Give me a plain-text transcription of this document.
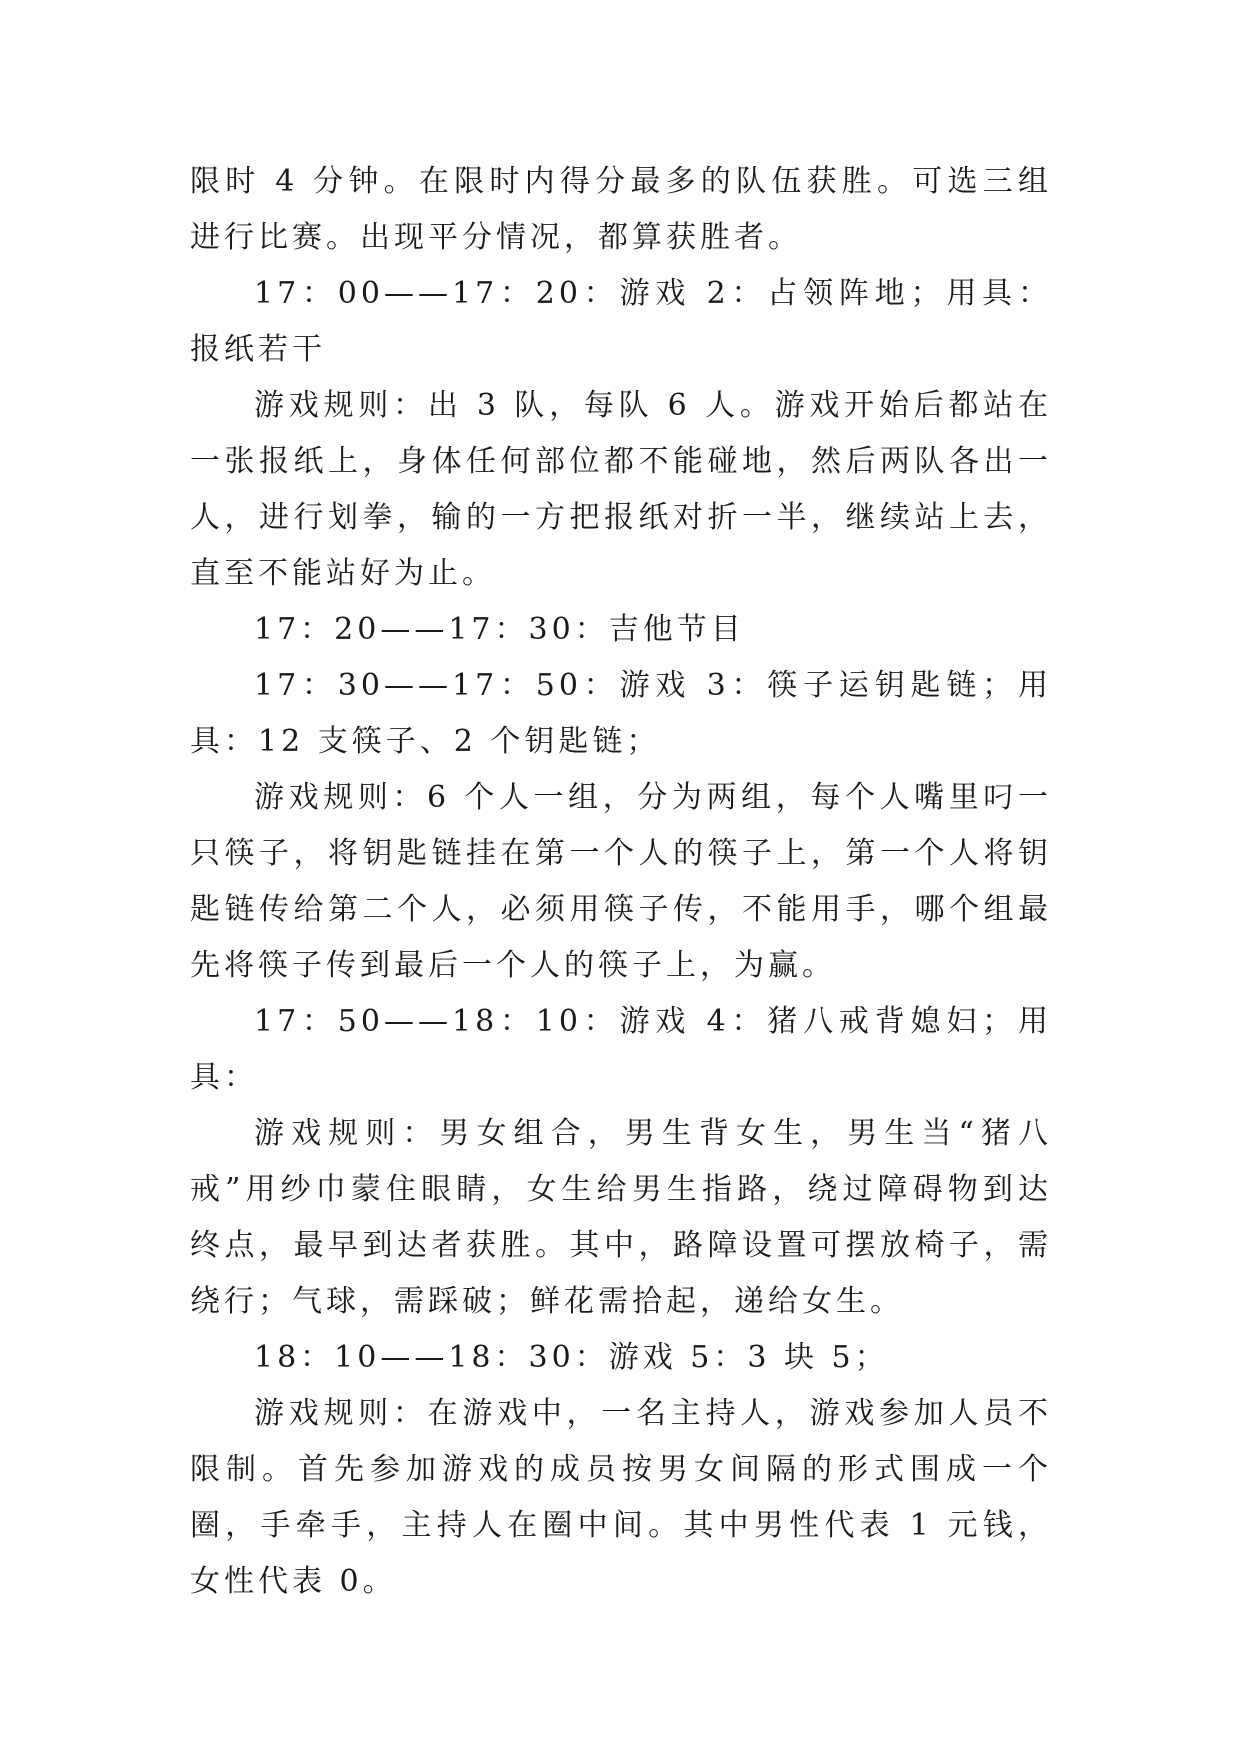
限时 4 分钟。在限时内得分最多的队伍获胜。可选三组进行比赛。出现平分情况，都算获胜者。

17：00——17：20：游戏 2：占领阵地；用具：报纸若干

游戏规则：出 3 队，每队 6 人。游戏开始后都站在一张报纸上，身体任何部位都不能碰地，然后两队各出一人，进行划拳，输的一方把报纸对折一半，继续站上去，直至不能站好为止。

17：20——17：30：吉他节目

17：30——17：50：游戏 3：筷子运钥匙链；用具：12 支筷子、2 个钥匙链；

游戏规则：6 个人一组，分为两组，每个人嘴里叼一只筷子，将钥匙链挂在第一个人的筷子上，第一个人将钥匙链传给第二个人，必须用筷子传，不能用手，哪个组最先将筷子传到最后一个人的筷子上，为赢。

17：50——18：10：游戏 4：猪八戒背媳妇；用具：

游戏规则：男女组合，男生背女生，男生当“猪八戒”用纱巾蒙住眼睛，女生给男生指路，绕过障碍物到达终点，最早到达者获胜。其中，路障设置可摆放椅子，需绕行；气球，需踩破；鲜花需拾起，递给女生。

18：10——18：30：游戏 5：3 块 5；

游戏规则：在游戏中，一名主持人，游戏参加人员不限制。首先参加游戏的成员按男女间隔的形式围成一个圈，手牵手，主持人在圈中间。其中男性代表 1 元钱，女性代表 0。
